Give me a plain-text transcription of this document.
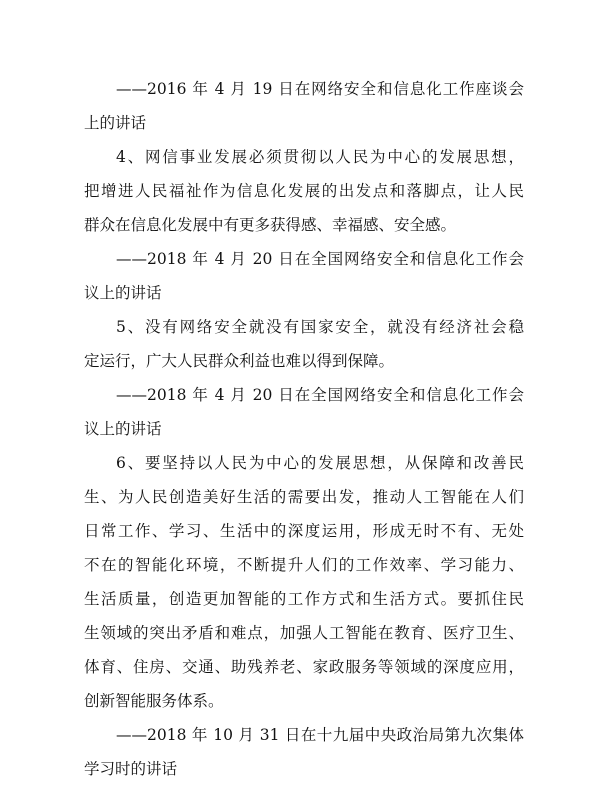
——2016 年 4 月 19 日在网络安全和信息化工作座谈会
上的讲话
4、网信事业发展必须贯彻以人民为中心的发展思想，
把增进人民福祉作为信息化发展的出发点和落脚点，让人民
群众在信息化发展中有更多获得感、幸福感、安全感。
——2018 年 4 月 20 日在全国网络安全和信息化工作会
议上的讲话
5、没有网络安全就没有国家安全，就没有经济社会稳
定运行，广大人民群众利益也难以得到保障。
——2018 年 4 月 20 日在全国网络安全和信息化工作会
议上的讲话
6、要坚持以人民为中心的发展思想，从保障和改善民
生、为人民创造美好生活的需要出发，推动人工智能在人们
日常工作、学习、生活中的深度运用，形成无时不有、无处
不在的智能化环境，不断提升人们的工作效率、学习能力、
生活质量，创造更加智能的工作方式和生活方式。要抓住民
生领域的突出矛盾和难点，加强人工智能在教育、医疗卫生、
体育、住房、交通、助残养老、家政服务等领域的深度应用，
创新智能服务体系。
——2018 年 10 月 31 日在十九届中央政治局第九次集体
学习时的讲话
